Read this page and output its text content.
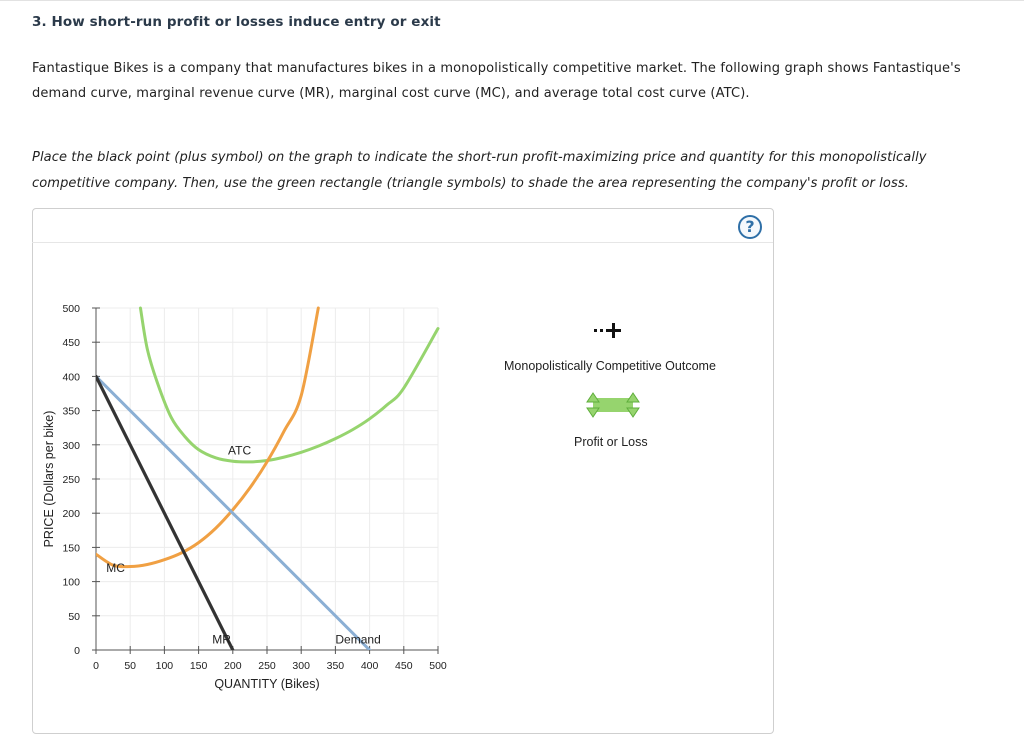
3. How short-run profit or losses induce entry or exit
Fantastique Bikes is a company that manufactures bikes in a monopolistically competitive market. The following graph shows Fantastique's demand curve, marginal revenue curve (MR), marginal cost curve (MC), and average total cost curve (ATC).
Place the black point (plus symbol) on the graph to indicate the short-run profit-maximizing price and quantity for this monopolistically competitive company. Then, use the green rectangle (triangle symbols) to shade the area representing the company's profit or loss.
?
0
50
100
150
200
250
300
350
400
450
500
0 50 100 150 200 250 300 350 400 450 500
Demand
MR
MC
ATC
PRICE (Dollars per bike)
QUANTITY (Bikes)
Monopolistically Competitive Outcome
Profit or Loss
